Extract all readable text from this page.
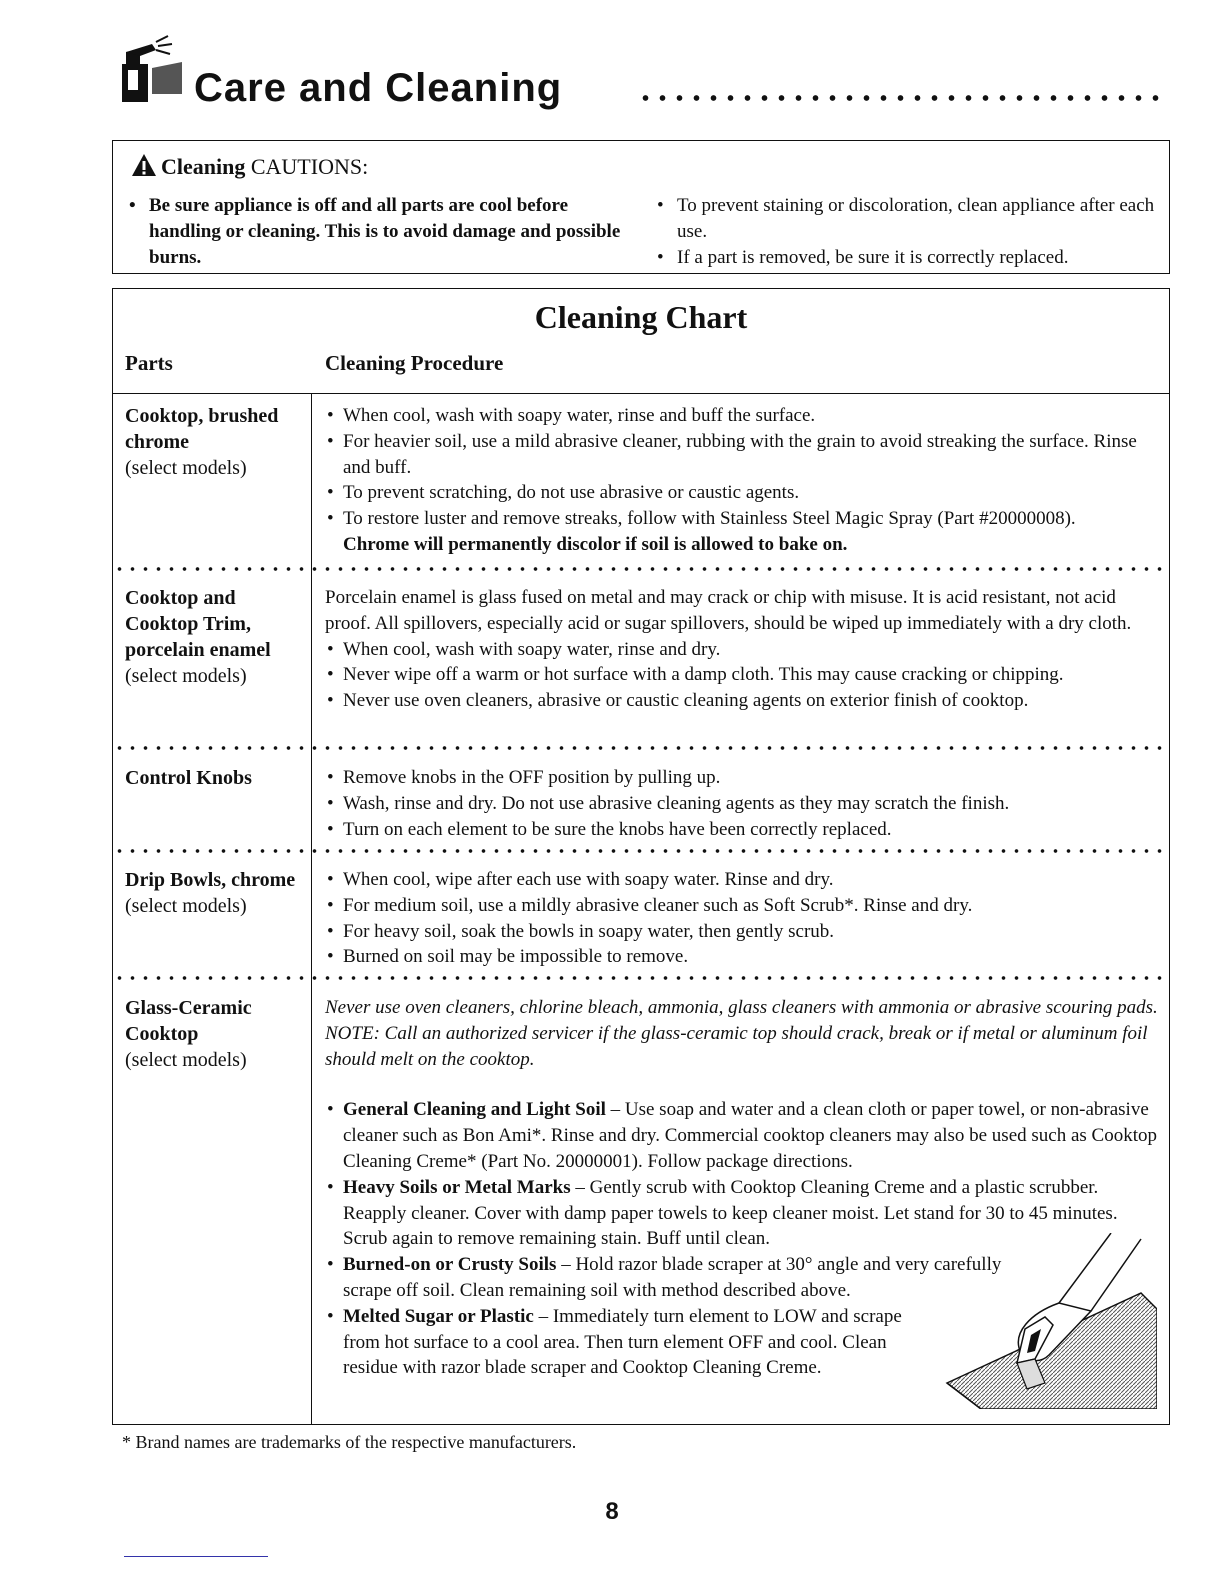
Care and Cleaning
Cleaning CAUTIONS:
• Be sure appliance is off and all parts are cool before handling or cleaning. This is to avoid damage and possible burns.
• To prevent staining or discoloration, clean appliance after each use.
• If a part is removed, be sure it is correctly replaced.
Cleaning Chart
Parts	Cleaning Procedure
Cooktop, brushed chrome
(select models)
• When cool, wash with soapy water, rinse and buff the surface.
• For heavier soil, use a mild abrasive cleaner, rubbing with the grain to avoid streaking the surface. Rinse and buff.
• To prevent scratching, do not use abrasive or caustic agents.
• To restore luster and remove streaks, follow with Stainless Steel Magic Spray (Part #20000008).
Chrome will permanently discolor if soil is allowed to bake on.
Cooktop and Cooktop Trim, porcelain enamel
(select models)
Porcelain enamel is glass fused on metal and may crack or chip with misuse. It is acid resistant, not acid proof. All spillovers, especially acid or sugar spillovers, should be wiped up immediately with a dry cloth.
• When cool, wash with soapy water, rinse and dry.
• Never wipe off a warm or hot surface with a damp cloth. This may cause cracking or chipping.
• Never use oven cleaners, abrasive or caustic cleaning agents on exterior finish of cooktop.
Control Knobs	• Remove knobs in the OFF position by pulling up.
• Wash, rinse and dry. Do not use abrasive cleaning agents as they may scratch the finish.
• Turn on each element to be sure the knobs have been correctly replaced.
Drip Bowls, chrome
(select models)
• When cool, wipe after each use with soapy water. Rinse and dry.
• For medium soil, use a mildly abrasive cleaner such as Soft Scrub*. Rinse and dry.
• For heavy soil, soak the bowls in soapy water, then gently scrub.
• Burned on soil may be impossible to remove.
Glass-Ceramic Cooktop
(select models)
Never use oven cleaners, chlorine bleach, ammonia, glass cleaners with ammonia or abrasive scouring pads. NOTE: Call an authorized servicer if the glass-ceramic top should crack, break or if metal or aluminum foil should melt on the cooktop.
• General Cleaning and Light Soil – Use soap and water and a clean cloth or paper towel, or non-abrasive cleaner such as Bon Ami*. Rinse and dry. Commercial cooktop cleaners may also be used such as Cooktop Cleaning Creme* (Part No. 20000001). Follow package directions.
• Heavy Soils or Metal Marks – Gently scrub with Cooktop Cleaning Creme and a plastic scrubber. Reapply cleaner. Cover with damp paper towels to keep cleaner moist. Let stand for 30 to 45 minutes. Scrub again to remove remaining stain. Buff until clean.
• Burned-on or Crusty Soils – Hold razor blade scraper at 30° angle and very carefully scrape off soil. Clean remaining soil with method described above.
• Melted Sugar or Plastic – Immediately turn element to LOW and scrape from hot surface to a cool area. Then turn element OFF and cool. Clean residue with razor blade scraper and Cooktop Cleaning Creme.
* Brand names are trademarks of the respective manufacturers.
8
